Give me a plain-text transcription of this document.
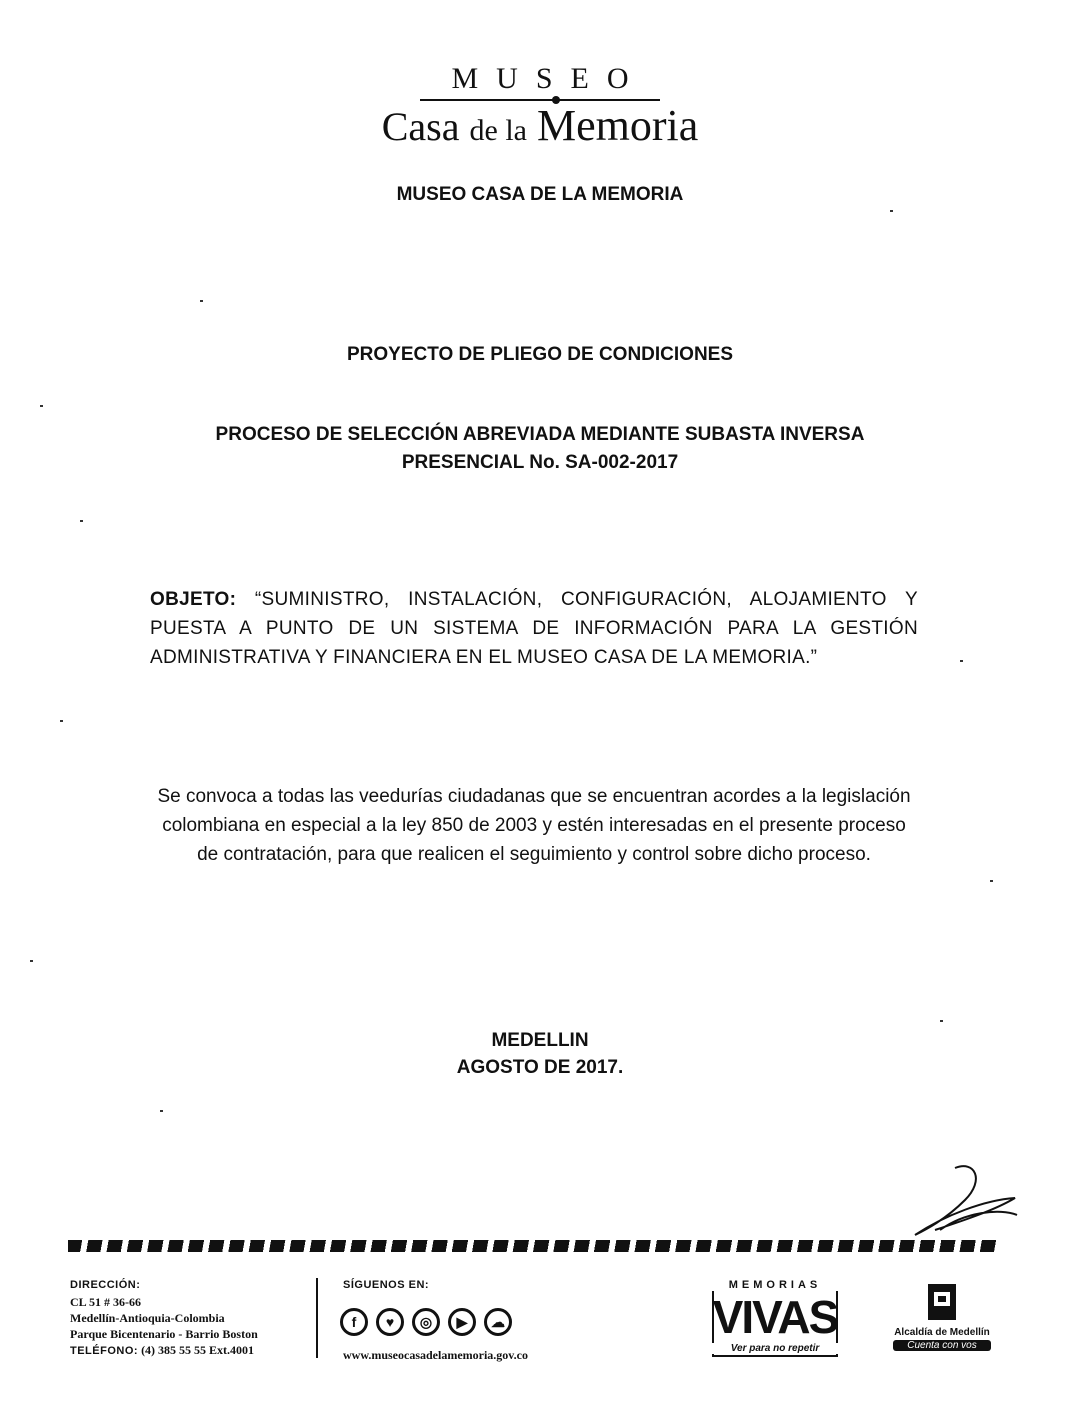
MUSEO
Casa de la Memoria
MUSEO CASA DE LA MEMORIA
PROYECTO DE PLIEGO DE CONDICIONES
PROCESO DE SELECCIÓN ABREVIADA MEDIANTE SUBASTA INVERSA
PRESENCIAL No. SA-002-2017
OBJETO: “SUMINISTRO, INSTALACIÓN, CONFIGURACIÓN, ALOJAMIENTO Y PUESTA A PUNTO DE UN SISTEMA DE INFORMACIÓN PARA LA GESTIÓN ADMINISTRATIVA Y FINANCIERA EN EL MUSEO CASA DE LA MEMORIA.”
Se convoca a todas las veedurías ciudadanas que se encuentran acordes a la legislación colombiana en especial a la ley 850 de 2003 y estén interesadas en el presente proceso de contratación, para que realicen el seguimiento y control sobre dicho proceso.
MEDELLIN
AGOSTO DE 2017.
DIRECCIÓN:
CL 51 # 36-66
Medellín-Antioquia-Colombia
Parque Bicentenario - Barrio Boston
TELÉFONO: (4) 385 55 55 Ext.4001
SÍGUENOS EN:
f	♥	◎	▶	☁
www.museocasadelamemoria.gov.co
MEMORIAS
VIVAS
Ver para no repetir
Alcaldía de Medellín
Cuenta con vos
